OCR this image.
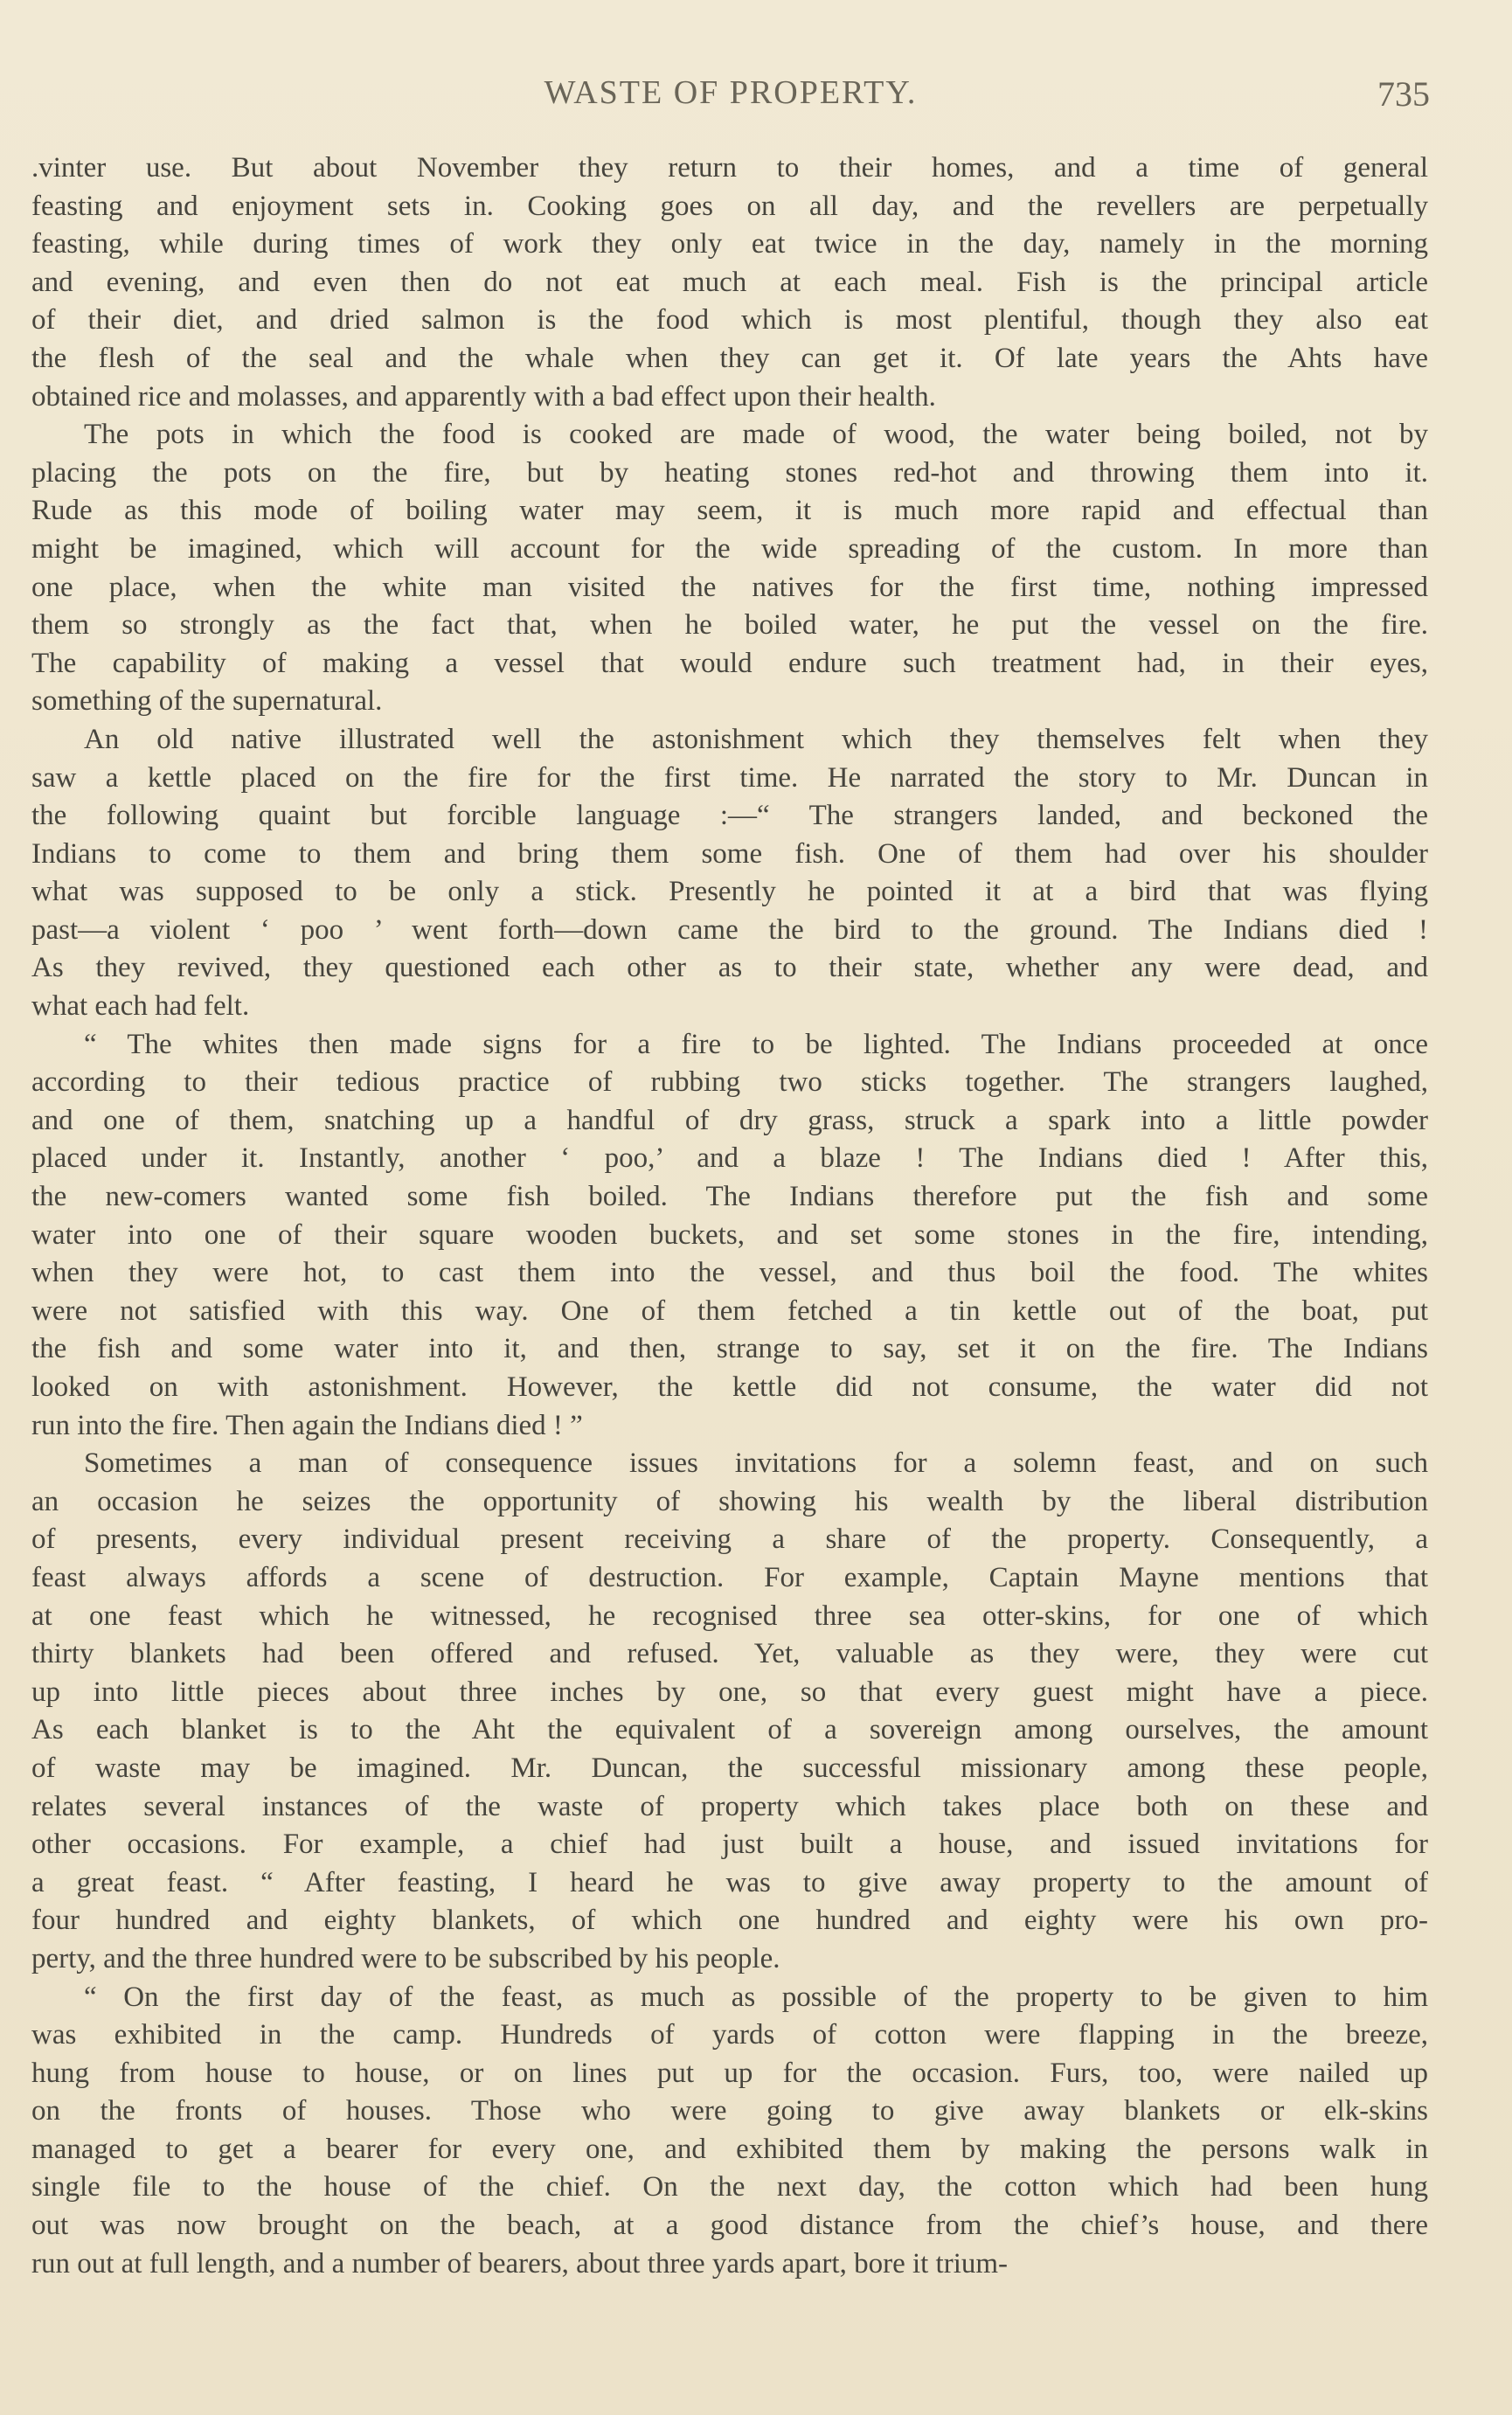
WASTE OF PROPERTY.	735

.vinter use. But about November they return to their homes, and a time of general
feasting and enjoyment sets in. Cooking goes on all day, and the revellers are perpetually
feasting, while during times of work they only eat twice in the day, namely in the morning
and evening, and even then do not eat much at each meal. Fish is the principal article
of their diet, and dried salmon is the food which is most plentiful, though they also eat
the flesh of the seal and the whale when they can get it. Of late years the Ahts have
obtained rice and molasses, and apparently with a bad effect upon their health.

The pots in which the food is cooked are made of wood, the water being boiled, not by
placing the pots on the fire, but by heating stones red-hot and throwing them into it.
Rude as this mode of boiling water may seem, it is much more rapid and effectual than
might be imagined, which will account for the wide spreading of the custom. In more than
one place, when the white man visited the natives for the first time, nothing impressed
them so strongly as the fact that, when he boiled water, he put the vessel on the fire.
The capability of making a vessel that would endure such treatment had, in their eyes,
something of the supernatural.

An old native illustrated well the astonishment which they themselves felt when they
saw a kettle placed on the fire for the first time. He narrated the story to Mr. Duncan in
the following quaint but forcible language :—“ The strangers landed, and beckoned the
Indians to come to them and bring them some fish. One of them had over his shoulder
what was supposed to be only a stick. Presently he pointed it at a bird that was flying
past—a violent ‘ poo ’ went forth—down came the bird to the ground. The Indians died !
As they revived, they questioned each other as to their state, whether any were dead, and
what each had felt.

“ The whites then made signs for a fire to be lighted. The Indians proceeded at once
according to their tedious practice of rubbing two sticks together. The strangers laughed,
and one of them, snatching up a handful of dry grass, struck a spark into a little powder
placed under it. Instantly, another ‘ poo,’ and a blaze ! The Indians died ! After this,
the new-comers wanted some fish boiled. The Indians therefore put the fish and some
water into one of their square wooden buckets, and set some stones in the fire, intending,
when they were hot, to cast them into the vessel, and thus boil the food. The whites
were not satisfied with this way. One of them fetched a tin kettle out of the boat, put
the fish and some water into it, and then, strange to say, set it on the fire. The Indians
looked on with astonishment. However, the kettle did not consume, the water did not
run into the fire. Then again the Indians died ! ”

Sometimes a man of consequence issues invitations for a solemn feast, and on such
an occasion he seizes the opportunity of showing his wealth by the liberal distribution
of presents, every individual present receiving a share of the property. Consequently, a
feast always affords a scene of destruction. For example, Captain Mayne mentions that
at one feast which he witnessed, he recognised three sea otter-skins, for one of which
thirty blankets had been offered and refused. Yet, valuable as they were, they were cut
up into little pieces about three inches by one, so that every guest might have a piece.
As each blanket is to the Aht the equivalent of a sovereign among ourselves, the amount
of waste may be imagined. Mr. Duncan, the successful missionary among these people,
relates several instances of the waste of property which takes place both on these and
other occasions. For example, a chief had just built a house, and issued invitations for
a great feast. “ After feasting, I heard he was to give away property to the amount of
four hundred and eighty blankets, of which one hundred and eighty were his own pro-
perty, and the three hundred were to be subscribed by his people.

“ On the first day of the feast, as much as possible of the property to be given to him
was exhibited in the camp. Hundreds of yards of cotton were flapping in the breeze,
hung from house to house, or on lines put up for the occasion. Furs, too, were nailed up
on the fronts of houses. Those who were going to give away blankets or elk-skins
managed to get a bearer for every one, and exhibited them by making the persons walk in
single file to the house of the chief. On the next day, the cotton which had been hung
out was now brought on the beach, at a good distance from the chief’s house, and there
run out at full length, and a number of bearers, about three yards apart, bore it trium-
